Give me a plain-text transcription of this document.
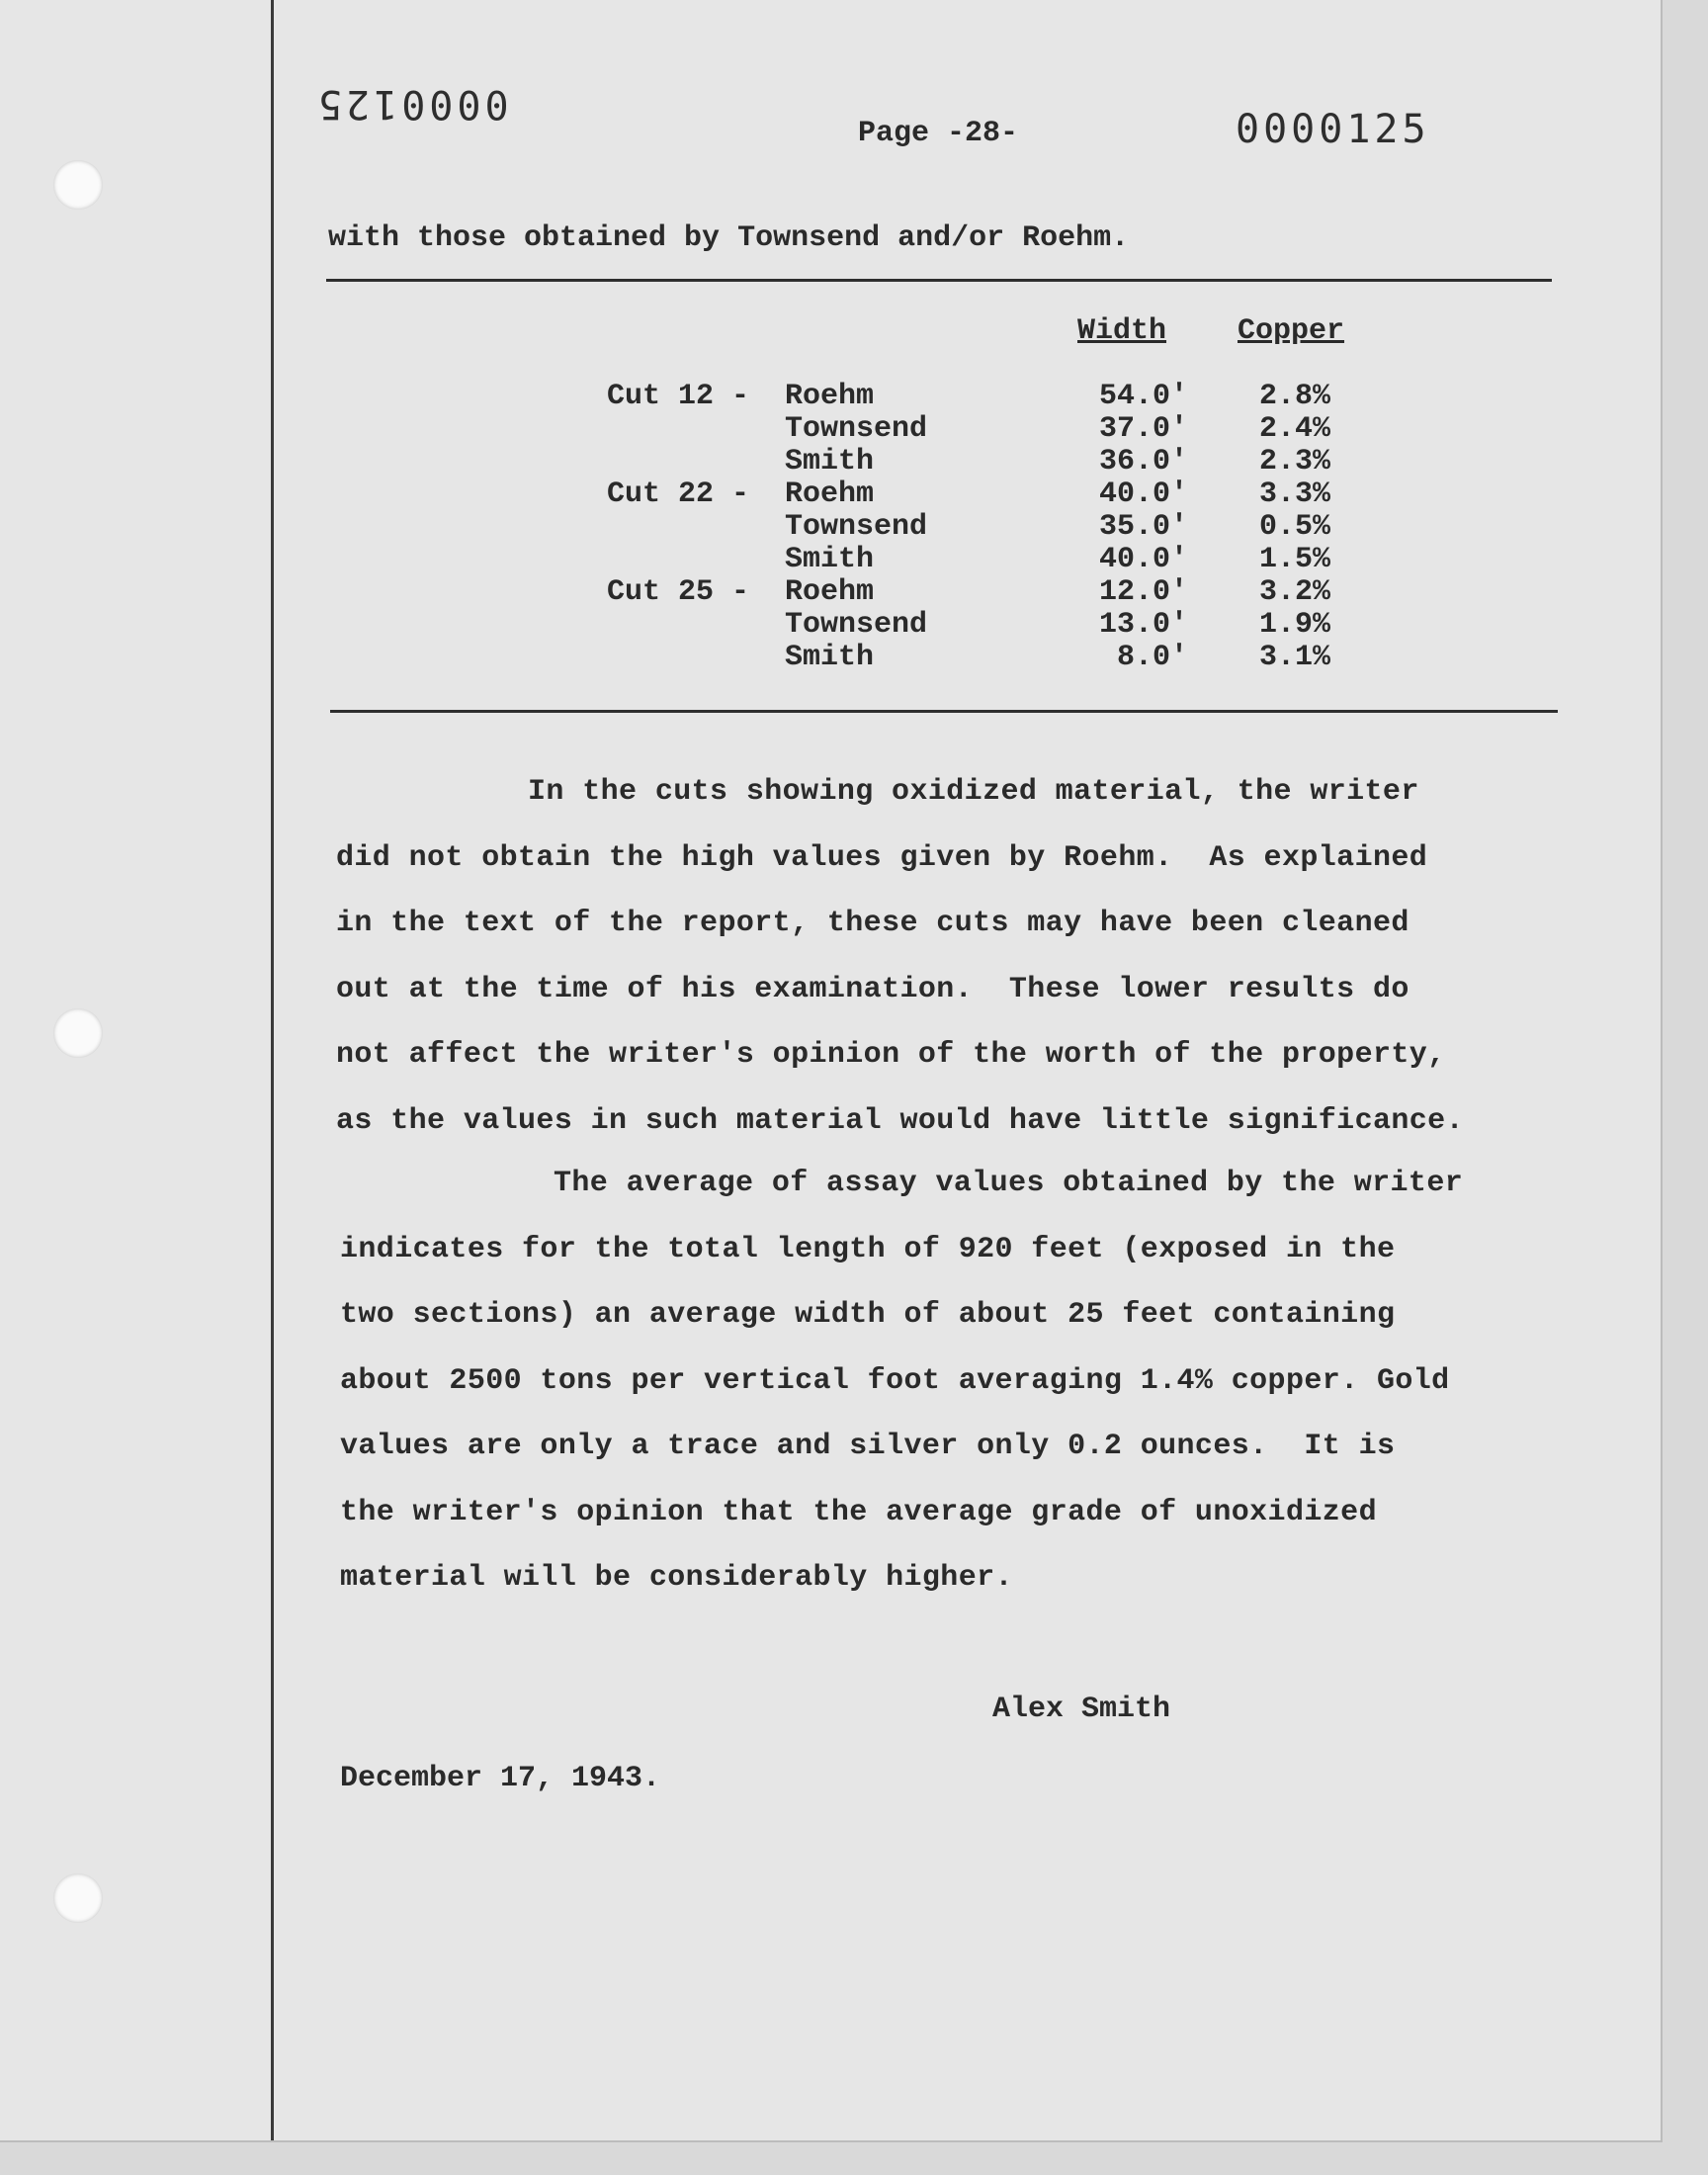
0000125
Page -28-	0000125
with those obtained by Townsend and/or Roehm.
Width Copper
Cut 12 - Roehm	54.0' 2.8%
Townsend	37.0' 2.4%
Smith	36.0' 2.3%
Cut 22 - Roehm	40.0' 3.3%
Townsend	35.0' 0.5%
Smith	40.0' 1.5%
Cut 25 - Roehm	12.0' 3.2%
Townsend	13.0' 1.9%
Smith	8.0' 3.1%
In the cuts showing oxidized material, the writer
did not obtain the high values given by Roehm.  As explained
in the text of the report, these cuts may have been cleaned
out at the time of his examination.  These lower results do
not affect the writer's opinion of the worth of the property,
as the values in such material would have little significance.
The average of assay values obtained by the writer
indicates for the total length of 920 feet (exposed in the
two sections) an average width of about 25 feet containing
about 2500 tons per vertical foot averaging 1.4% copper. Gold
values are only a trace and silver only 0.2 ounces.  It is
the writer's opinion that the average grade of unoxidized
material will be considerably higher.
Alex Smith
December 17, 1943.
